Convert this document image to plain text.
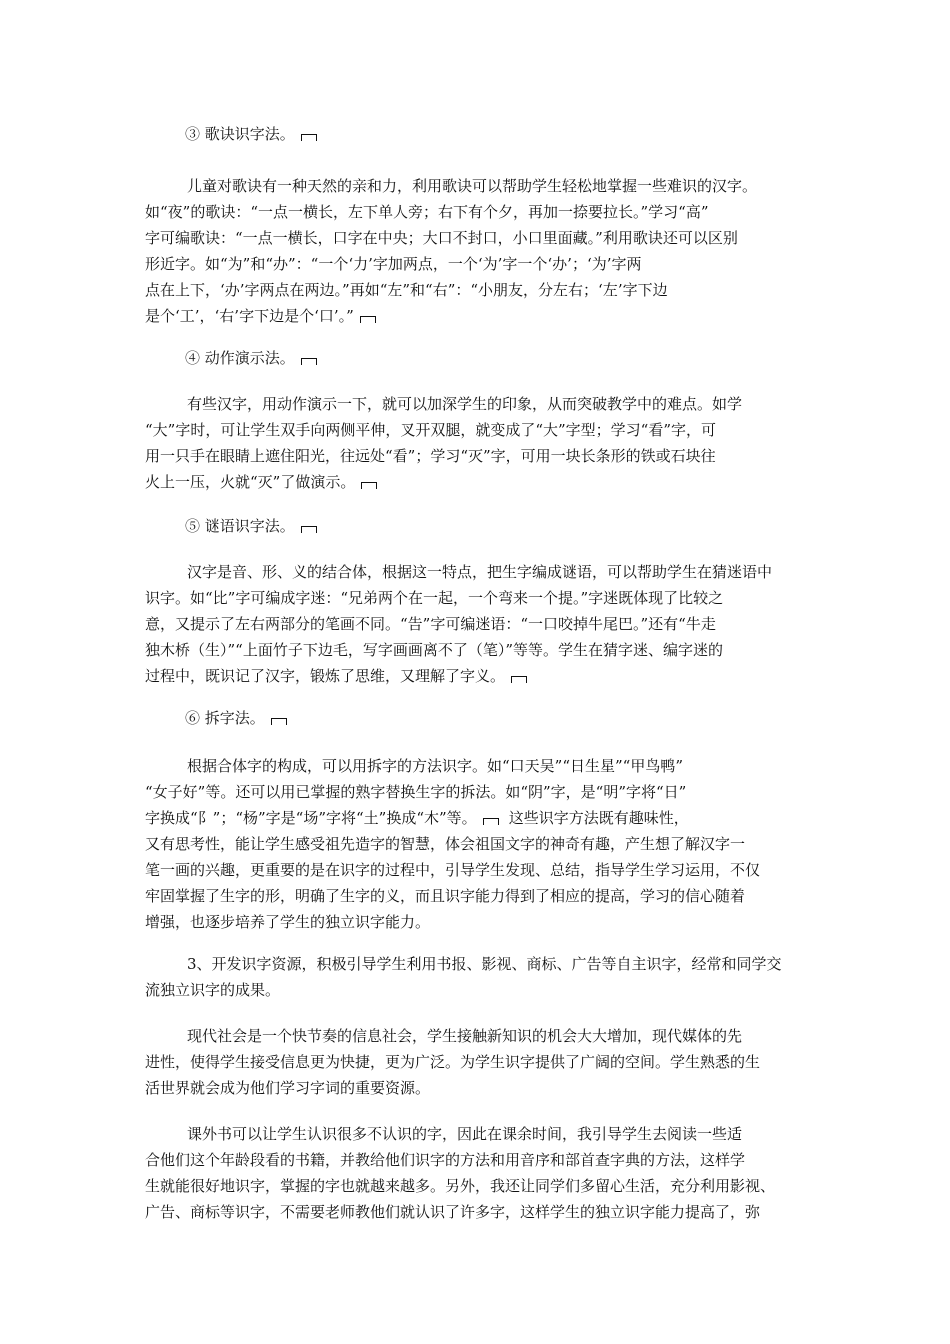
③ 歌诀识字法。
儿童对歌诀有一种天然的亲和力，利用歌诀可以帮助学生轻松地掌握一些难识的汉字。
如“夜”的歌诀：“一点一横长，左下单人旁；右下有个夕，再加一捺要拉长。”学习“高”
字可编歌诀：“一点一横长，口字在中央；大口不封口，小口里面藏。”利用歌诀还可以区别
形近字。如“为”和“办”：“一个‘力’字加两点，一个‘为’字一个‘办’；‘为’字两
点在上下，‘办’字两点在两边。”再如“左”和“右”：“小朋友，分左右；‘左’字下边
是个‘工’，‘右’字下边是个‘口’。”
④ 动作演示法。
有些汉字，用动作演示一下，就可以加深学生的印象，从而突破教学中的难点。如学
“大”字时，可让学生双手向两侧平伸，叉开双腿，就变成了“大”字型；学习“看”字，可
用一只手在眼睛上遮住阳光，往远处“看”；学习“灭”字，可用一块长条形的铁或石块往
火上一压，火就“灭”了做演示。
⑤ 谜语识字法。
汉字是音、形、义的结合体，根据这一特点，把生字编成谜语，可以帮助学生在猜迷语中
识字。如“比”字可编成字迷：“兄弟两个在一起，一个弯来一个提。”字迷既体现了比较之
意，又提示了左右两部分的笔画不同。“告”字可编迷语：“一口咬掉牛尾巴。”还有“牛走
独木桥（生）”“上面竹子下边毛，写字画画离不了（笔）”等等。学生在猜字迷、编字迷的
过程中，既识记了汉字，锻炼了思维，又理解了字义。
⑥ 拆字法。
根据合体字的构成，可以用拆字的方法识字。如“口天吴”“日生星”“甲鸟鸭”
“女子好”等。还可以用已掌握的熟字替换生字的拆法。如“阴”字，是“明”字将“日”
字换成“阝”；“杨”字是“场”字将“土”换成“木”等。 这些识字方法既有趣味性，
又有思考性，能让学生感受祖先造字的智慧，体会祖国文字的神奇有趣，产生想了解汉字一
笔一画的兴趣，更重要的是在识字的过程中，引导学生发现、总结，指导学生学习运用，不仅
牢固掌握了生字的形，明确了生字的义，而且识字能力得到了相应的提高，学习的信心随着
增强，也逐步培养了学生的独立识字能力。
3、开发识字资源，积极引导学生利用书报、影视、商标、广告等自主识字，经常和同学交
流独立识字的成果。
现代社会是一个快节奏的信息社会，学生接触新知识的机会大大增加，现代媒体的先
进性，使得学生接受信息更为快捷，更为广泛。为学生识字提供了广阔的空间。学生熟悉的生
活世界就会成为他们学习字词的重要资源。
课外书可以让学生认识很多不认识的字，因此在课余时间，我引导学生去阅读一些适
合他们这个年龄段看的书籍，并教给他们识字的方法和用音序和部首查字典的方法，这样学
生就能很好地识字，掌握的字也就越来越多。另外，我还让同学们多留心生活，充分利用影视、
广告、商标等识字，不需要老师教他们就认识了许多字，这样学生的独立识字能力提高了，弥
